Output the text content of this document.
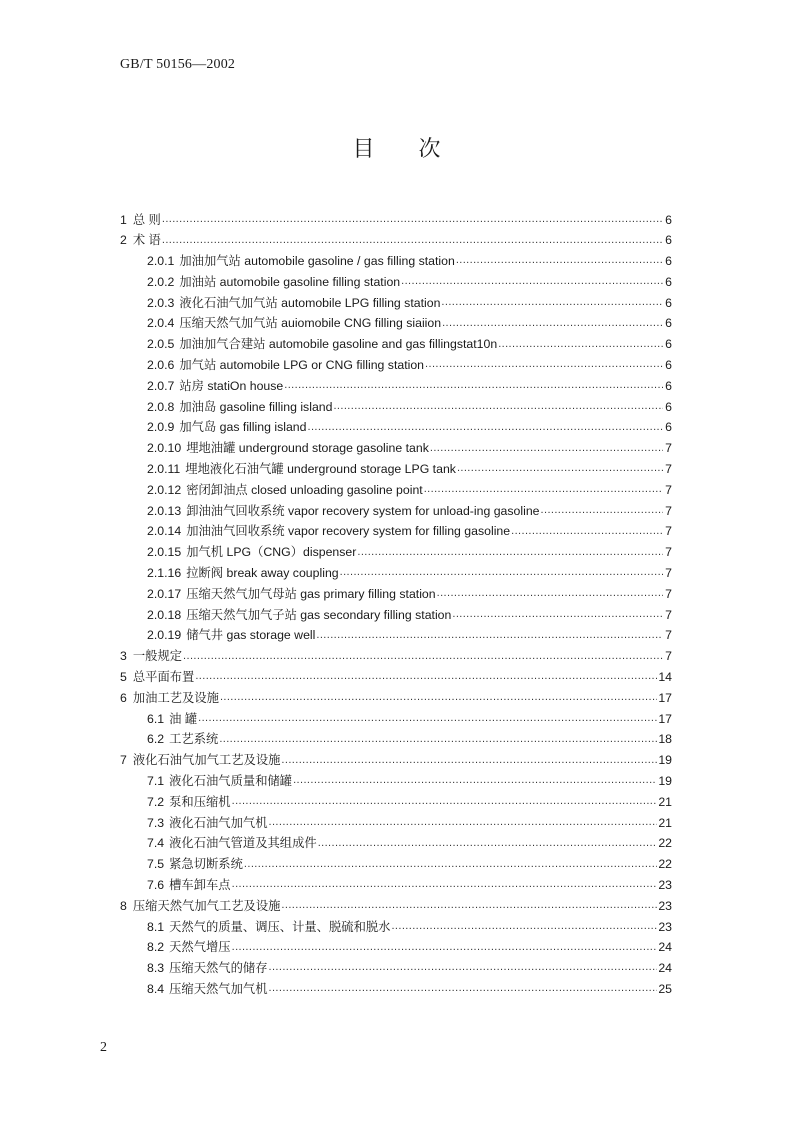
GB/T 50156—2002
目 次
1 总 则 .....	6
2 术 语 .....	6
2.0.1 加油加气站 automobile gasoline / gas filling station .....	6
2.0.2 加油站 automobile gasoline filling station .....	6
2.0.3 液化石油气加气站 automobile LPG filling station .....	6
2.0.4 压缩天然气加气站 auiomobile CNG filling siaiion .....	6
2.0.5 加油加气合建站 automobile gasoline and gas fillingstat10n .....	6
2.0.6 加气站 automobile LPG or CNG filling station .....	6
2.0.7 站房 statiOn house .....	6
2.0.8 加油岛 gasoline filling island .....	6
2.0.9 加气岛 gas filling island .....	6
2.0.10 埋地油罐 underground storage gasoline tank .....	7
2.0.11 埋地液化石油气罐 underground storage LPG tank .....	7
2.0.12 密闭卸油点 closed unloading gasoline point .....	7
2.0.13 卸油油气回收系统 vapor recovery system for unload-ing gasoline .....	7
2.0.14 加油油气回收系统 vapor recovery system for filling gasoline .....	7
2.0.15 加气机 LPG（CNG）dispenser .....	7
2.1.16 拉断阀 break away coupling .....	7
2.0.17 压缩天然气加气母站 gas primary filling station .....	7
2.0.18 压缩天然气加气子站 gas secondary filling station .....	7
2.0.19 储气井 gas storage well .....	7
3 一般规定 .....	7
5 总平面布置 .....	14
6 加油工艺及设施 .....	17
6.1 油 罐 .....	17
6.2 工艺系统 .....	18
7 液化石油气加气工艺及设施 .....	19
7.1 液化石油气质量和储罐 .....	19
7.2 泵和压缩机 .....	21
7.3 液化石油气加气机 .....	21
7.4 液化石油气管道及其组成件 .....	22
7.5 紧急切断系统 .....	22
7.6 槽车卸车点 .....	23
8 压缩天然气加气工艺及设施 .....	23
8.1 天然气的质量、调压、计量、脱硫和脱水 .....	23
8.2 天然气增压 .....	24
8.3 压缩天然气的储存 .....	24
8.4 压缩天然气加气机 .....	25
2
